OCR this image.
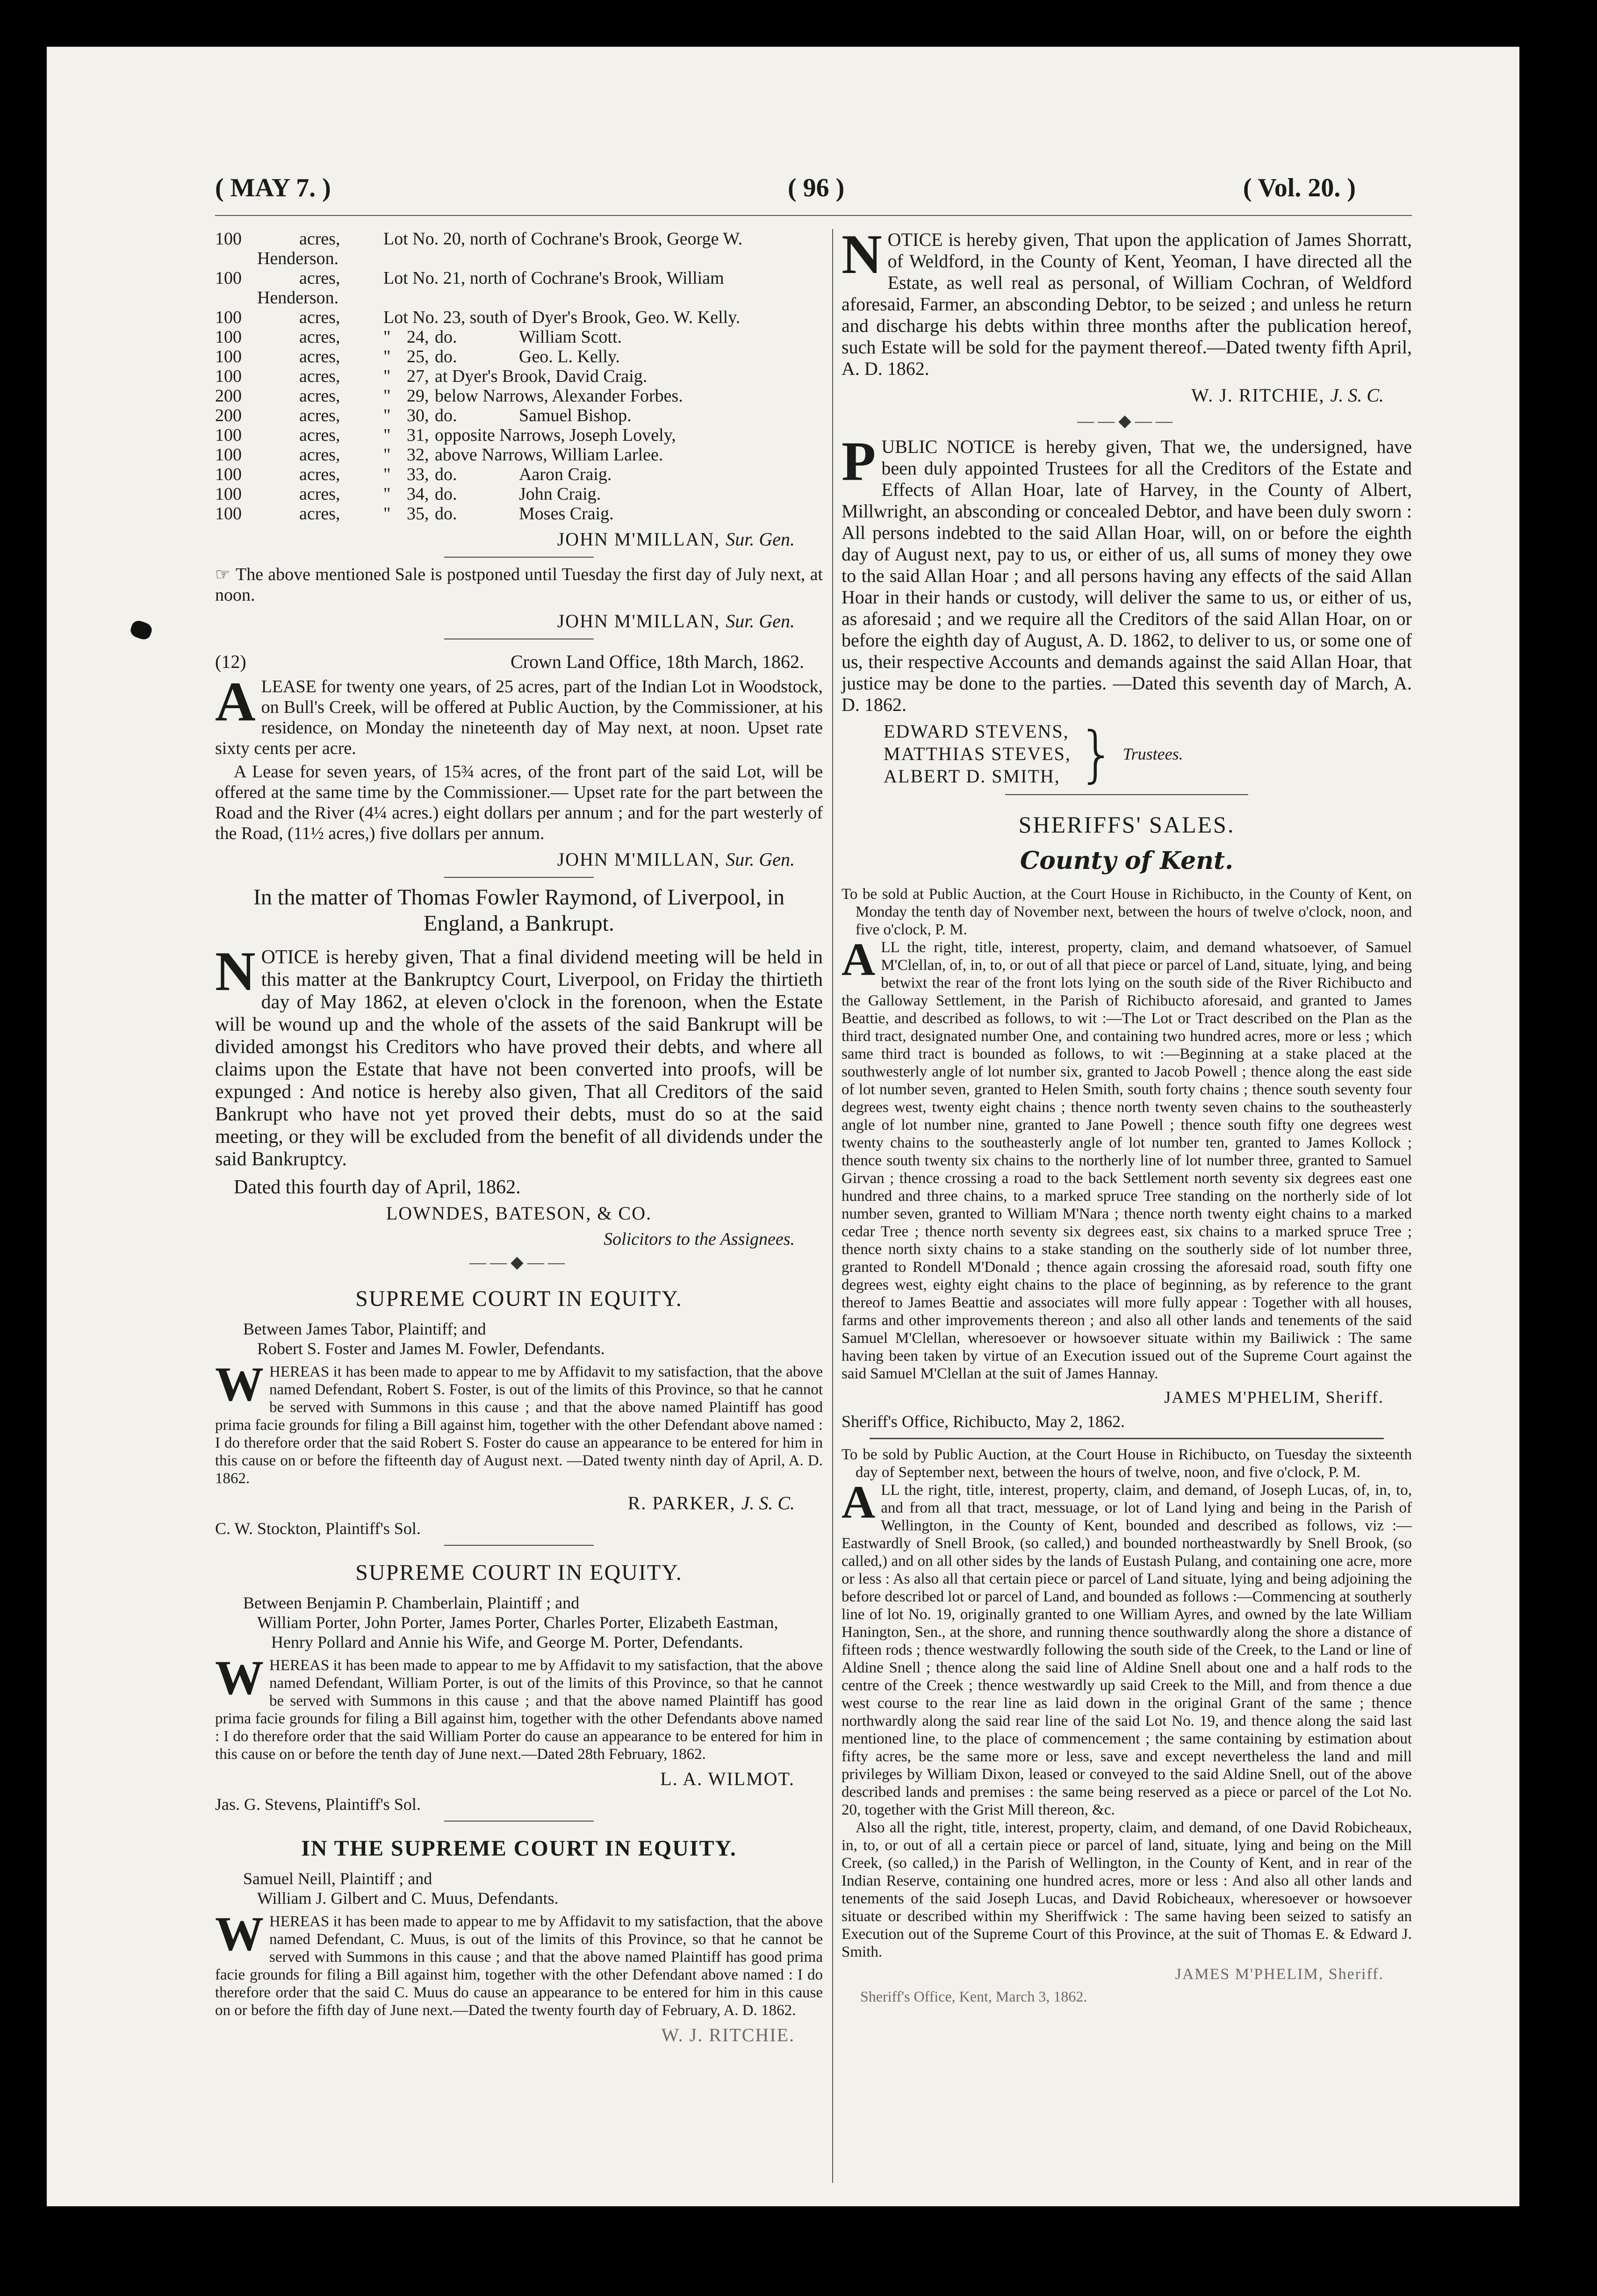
( MAY 7. )	( 96 )	( Vol. 20. )
100	acres,	Lot No. 20, north of Cochrane's Brook, George W.
Henderson.
100	acres,	Lot No. 21, north of Cochrane's Brook, William
Henderson.
100	acres,	Lot No. 23, south of Dyer's Brook, Geo. W. Kelly.
100	acres,	" 24, do.	William Scott.
100	acres,	" 25, do.	Geo. L. Kelly.
100	acres,	" 27, at Dyer's Brook, David Craig.
200	acres,	" 29, below Narrows, Alexander Forbes.
200	acres,	" 30, do.	Samuel Bishop.
100	acres,	" 31, opposite Narrows, Joseph Lovely,
100	acres,	" 32, above Narrows, William Larlee.
100	acres,	" 33, do.	Aaron Craig.
100	acres,	" 34, do.	John Craig.
100	acres,	" 35, do.	Moses Craig.
JOHN M'MILLAN, Sur. Gen.

☞ The above mentioned Sale is postponed until Tuesday the first day of July next, at noon.

JOHN M'MILLAN, Sur. Gen.
(12)	Crown Land Office, 18th March, 1862.

ALEASE for twenty one years, of 25 acres, part of the Indian Lot in Woodstock, on Bull's Creek, will be offered at Public Auction, by the Commissioner, at his residence, on Monday the nineteenth day of May next, at noon. Upset rate sixty cents per acre.

A Lease for seven years, of 15¾ acres, of the front part of the said Lot, will be offered at the same time by the Commissioner.— Upset rate for the part between the Road and the River (4¼ acres.) eight dollars per annum ; and for the part westerly of the Road, (11½ acres,) five dollars per annum.

JOHN M'MILLAN, Sur. Gen.

In the matter of Thomas Fowler Raymond, of Liverpool, in England, a Bankrupt.

NOTICE is hereby given, That a final dividend meeting will be held in this matter at the Bankruptcy Court, Liverpool, on Friday the thirtieth day of May 1862, at eleven o'clock in the forenoon, when the Estate will be wound up and the whole of the assets of the said Bankrupt will be divided amongst his Creditors who have proved their debts, and where all claims upon the Estate that have not been converted into proofs, will be expunged : And notice is hereby also given, That all Creditors of the said Bankrupt who have not yet proved their debts, must do so at the said meeting, or they will be excluded from the benefit of all dividends under the said Bankruptcy.

Dated this fourth day of April, 1862.

LOWNDES, BATESON, & CO.
Solicitors to the Assignees.
——◆——
SUPREME COURT IN EQUITY.

Between James Tabor, Plaintiff; and

Robert S. Foster and James M. Fowler, Defendants.

WHEREAS it has been made to appear to me by Affidavit to my satisfaction, that the above named Defendant, Robert S. Foster, is out of the limits of this Province, so that he cannot be served with Summons in this cause ; and that the above named Plaintiff has good prima facie grounds for filing a Bill against him, together with the other Defendant above named : I do therefore order that the said Robert S. Foster do cause an appearance to be entered for him in this cause on or before the fifteenth day of August next. —Dated twenty ninth day of April, A. D. 1862.

R. PARKER, J. S. C.

C. W. Stockton, Plaintiff's Sol.

SUPREME COURT IN EQUITY.

Between Benjamin P. Chamberlain, Plaintiff ; and

William Porter, John Porter, James Porter, Charles Porter, Elizabeth Eastman, Henry Pollard and Annie his Wife, and George M. Porter, Defendants.

WHEREAS it has been made to appear to me by Affidavit to my satisfaction, that the above named Defendant, William Porter, is out of the limits of this Province, so that he cannot be served with Summons in this cause ; and that the above named Plaintiff has good prima facie grounds for filing a Bill against him, together with the other Defendants above named : I do therefore order that the said William Porter do cause an appearance to be entered for him in this cause on or before the tenth day of June next.—Dated 28th February, 1862.

L. A. WILMOT.

Jas. G. Stevens, Plaintiff's Sol.

IN THE SUPREME COURT IN EQUITY.

Samuel Neill, Plaintiff ; and

William J. Gilbert and C. Muus, Defendants.

WHEREAS it has been made to appear to me by Affidavit to my satisfaction, that the above named Defendant, C. Muus, is out of the limits of this Province, so that he cannot be served with Summons in this cause ; and that the above named Plaintiff has good prima facie grounds for filing a Bill against him, together with the other Defendant above named : I do therefore order that the said C. Muus do cause an appearance to be entered for him in this cause on or before the fifth day of June next.—Dated the twenty fourth day of February, A. D. 1862.

W. J. RITCHIE.

NOTICE is hereby given, That upon the application of James Shorratt, of Weldford, in the County of Kent, Yeoman, I have directed all the Estate, as well real as personal, of William Cochran, of Weldford aforesaid, Farmer, an absconding Debtor, to be seized ; and unless he return and discharge his debts within three months after the publication hereof, such Estate will be sold for the payment thereof.—Dated twenty fifth April, A. D. 1862.

W. J. RITCHIE, J. S. C.
——◆——

PUBLIC NOTICE is hereby given, That we, the undersigned, have been duly appointed Trustees for all the Creditors of the Estate and Effects of Allan Hoar, late of Harvey, in the County of Albert, Millwright, an absconding or concealed Debtor, and have been duly sworn : All persons indebted to the said Allan Hoar, will, on or before the eighth day of August next, pay to us, or either of us, all sums of money they owe to the said Allan Hoar ; and all persons having any effects of the said Allan Hoar in their hands or custody, will deliver the same to us, or either of us, as aforesaid ; and we require all the Creditors of the said Allan Hoar, on or before the eighth day of August, A. D. 1862, to deliver to us, or some one of us, their respective Accounts and demands against the said Allan Hoar, that justice may be done to the parties. —Dated this seventh day of March, A. D. 1862.

EDWARD STEVENS,
MATTHIAS STEVES,
ALBERT D. SMITH, } Trustees.
SHERIFFS' SALES.
County of Kent.

To be sold at Public Auction, at the Court House in Richibucto, in the County of Kent, on Monday the tenth day of November next, between the hours of twelve o'clock, noon, and five o'clock, P. M.

ALL the right, title, interest, property, claim, and demand whatsoever, of Samuel M'Clellan, of, in, to, or out of all that piece or parcel of Land, situate, lying, and being betwixt the rear of the front lots lying on the south side of the River Richibucto and the Galloway Settlement, in the Parish of Richibucto aforesaid, and granted to James Beattie, and described as follows, to wit :—The Lot or Tract described on the Plan as the third tract, designated number One, and containing two hundred acres, more or less ; which same third tract is bounded as follows, to wit :—Beginning at a stake placed at the southwesterly angle of lot number six, granted to Jacob Powell ; thence along the east side of lot number seven, granted to Helen Smith, south forty chains ; thence south seventy four degrees west, twenty eight chains ; thence north twenty seven chains to the southeasterly angle of lot number nine, granted to Jane Powell ; thence south fifty one degrees west twenty chains to the southeasterly angle of lot number ten, granted to James Kollock ; thence south twenty six chains to the northerly line of lot number three, granted to Samuel Girvan ; thence crossing a road to the back Settlement north seventy six degrees east one hundred and three chains, to a marked spruce Tree standing on the northerly side of lot number seven, granted to William M'Nara ; thence north twenty eight chains to a marked cedar Tree ; thence north seventy six degrees east, six chains to a marked spruce Tree ; thence north sixty chains to a stake standing on the southerly side of lot number three, granted to Rondell M'Donald ; thence again crossing the aforesaid road, south fifty one degrees west, eighty eight chains to the place of beginning, as by reference to the grant thereof to James Beattie and associates will more fully appear : Together with all houses, farms and other improvements thereon ; and also all other lands and tenements of the said Samuel M'Clellan, wheresoever or howsoever situate within my Bailiwick : The same having been taken by virtue of an Execution issued out of the Supreme Court against the said Samuel M'Clellan at the suit of James Hannay.

JAMES M'PHELIM, Sheriff.

Sheriff's Office, Richibucto, May 2, 1862.

To be sold by Public Auction, at the Court House in Richibucto, on Tuesday the sixteenth day of September next, between the hours of twelve, noon, and five o'clock, P. M.

ALL the right, title, interest, property, claim, and demand, of Joseph Lucas, of, in, to, and from all that tract, messuage, or lot of Land lying and being in the Parish of Wellington, in the County of Kent, bounded and described as follows, viz :—Eastwardly of Snell Brook, (so called,) and bounded northeastwardly by Snell Brook, (so called,) and on all other sides by the lands of Eustash Pulang, and containing one acre, more or less : As also all that certain piece or parcel of Land situate, lying and being adjoining the before described lot or parcel of Land, and bounded as follows :—Commencing at southerly line of lot No. 19, originally granted to one William Ayres, and owned by the late William Hanington, Sen., at the shore, and running thence southwardly along the shore a distance of fifteen rods ; thence westwardly following the south side of the Creek, to the Land or line of Aldine Snell ; thence along the said line of Aldine Snell about one and a half rods to the centre of the Creek ; thence westwardly up said Creek to the Mill, and from thence a due west course to the rear line as laid down in the original Grant of the same ; thence northwardly along the said rear line of the said Lot No. 19, and thence along the said last mentioned line, to the place of commencement ; the same containing by estimation about fifty acres, be the same more or less, save and except nevertheless the land and mill privileges by William Dixon, leased or conveyed to the said Aldine Snell, out of the above described lands and premises : the same being reserved as a piece or parcel of the Lot No. 20, together with the Grist Mill thereon, &c.

Also all the right, title, interest, property, claim, and demand, of one David Robicheaux, in, to, or out of all a certain piece or parcel of land, situate, lying and being on the Mill Creek, (so called,) in the Parish of Wellington, in the County of Kent, and in rear of the Indian Reserve, containing one hundred acres, more or less : And also all other lands and tenements of the said Joseph Lucas, and David Robicheaux, wheresoever or howsoever situate or described within my Sheriffwick : The same having been seized to satisfy an Execution out of the Supreme Court of this Province, at the suit of Thomas E. & Edward J. Smith.

JAMES M'PHELIM, Sheriff.

Sheriff's Office, Kent, March 3, 1862.
